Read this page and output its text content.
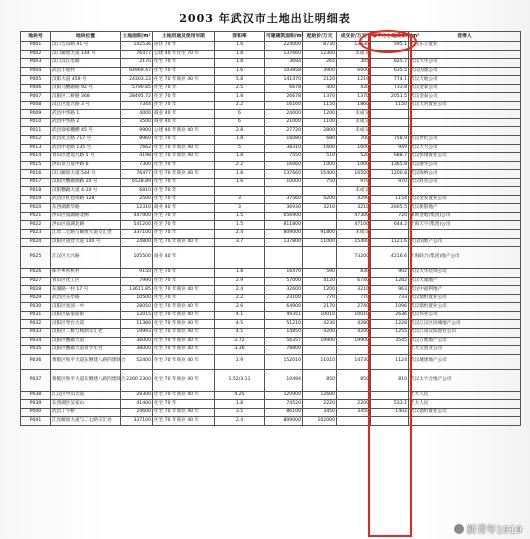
2003 年武汉市土地出让明细表
地块号	地块位置	土地面积/m²	土地用途及使用年限	容积率	可建建筑面积/m²	起始价/万元	成交价/万元	每平方土地成本元/m²	竞得人
P001	汉口吉田路 41 号	142536	居住 70 年	1.6	224000	8730	13330	595.1	武汉东立置业
P002	汉口解放大道 144 号	76477	公建 40 年住宅 70 年	1.8	137660	12360	未成交		
P003	汉口汉江水路	2170	住宅 70 年	1.8	3694	265	305	825.7	武汉天华公司
P004	武昌丰收村	64969.47	住宅 70 年	1.6	103858	3900	6600	635.5	武汉国鼎公司
P005	汉阳大道 459 号	24303.22	住宅 70 年商业 40 年	5.8	141470	2120	1219	774.1	武汉天地公司
P006	汉阳马鹦鹉路 92 号	5790.85	住宅 70 年	2.5	6678	400	430	733.8	武汉金泰公司
P007	汉阳区二桥路 368	28495.72	住宅 70 年	1.8	26678	1370	1370	2051.5	武汉金泰公司
P008	汉江区复兴路 3 号	7344	住宅 70 年	2.2	16160	1150	1860	1150	武汉天河置业公司
P009	武昌中华路 1	4000	商业 40 年	6	24000	1200	未成交		
P010	武昌中华路 2	3500	商业 40 年	6	21000	1100	未成交		
P011	武昌徐家棚横 45 号	9900	公建 40 年商业 40 年	2.8	27720	2800	未成交		
P012	武昌民主路 717 号	8960	住宅 70 年	1.8	16080	680	700	758.9	武汉世纪公司
P013	武昌中北路 135 号	7662	住宅 70 年商业 40 年	5	38310	1600	1600	949	武汉大力公司
P014	青山区建设九路 5 号	4198	住宅 70 年商业 40 年	1.8	7550	510	520	688.7	武汉恒翔置业公司
P015	洪山卓刀泉中路 6	7300	住宅 70 年	2.2	16060	1000	1000	1365.8	武汉港华公司
P016	汉口解放大道 544 号	76477	住宅 70 年商业 40 年	1.8	137660	15400	16500	1200.8	武汉海纳公司
P017	汉阳区鹦鹉洲路 20 号	6528.89	住宅 70 年	1.6	10000	750	970	970	武汉科育公司
P018	汉阳鹦鹉大道 4-10 号	6810	住宅 70 年				未成交		
P019	武昌区红巷场路 128	2500	住宅 70 年	3	37560	4200	4290	1154	武汉金发置业公司
P020	东西湖新华路	12310	商业 40 年	3	36930	3210	3210	2605.5	武汉新银地产
P021	洪山区南湖路北侧	447900	住宅 70 年	1.5	656900		47300	720	深圳金地(集团)公司
P022	洪山区南湖北路	541200	住宅 70 年	1.5	811800		47100	644.2	上海天宇(集团)公司
P023	江岸二七路与解放大道交汇处	337100	住宅 70 年	2.4	809000	91800	未成交		
P024	汉阳区国营大道 140 号	24800	住宅 70 年商业 40 年	3.7	137800	11000	15400	1121.6	武汉国地产公司
P025	江汉区大兴路	105500	商业 40 年				73200	4216.6	上海联合(集团)地产公司
P026	侏平乡铁机村	9150	住宅 70 年	1.8	16470	590	830	902	武汉天华装饰公司
P027	青山区化工区	7990	住宅 70 年	2.9	57000	4120	6740	1282	武汉天诚地产
P028	东湖路一村 17 号	13611.85	住宅 70 年商业 40 年	2.4	32600	1200	3210	963	武汉中福利地产
P029	武昌区东亭路	10500	住宅 70 年	2.2	23100	770	770	733	武汉鼎恒置业公司
P030	汉阳区复园一中	28050	住宅 70 年商业 40 年	2.6	64900	2170	2740	1096	武汉鼎恒置业公司
P031	汉阳区陆家庙街	12015	住宅 70 年商业 40 年	4.1	49351	10010	10010	2636	武汉伟业公司
P032	汉阳区琴台大道	11380	住宅 70 年商业 40 年	4.5	51210	4230	4280	1228	武汉江汉区同城地产公司
P033	汉阳区二桥与杨泗交汇处	19993	住宅 70 年商业 40 年	4.5	14850	4200	4200	1255	武汉江南汉阳置业公司
P034	汉阳区鹦鹉大道	36000	住宅 70 年商业 40 年	2.72	56357	19900	19900	3545	武汉万地地产公司
P035	汉阳区鹦鹉大道青少年宫	38000	住宅 70 年商业 40 年	3.36	78800				光大宝置业公司
P036	黄陂区和平大道东侧建八路四建联合	52400	住宅 70 年商业 40 年	2.9	152010	11010	14730	1124	武汉城建地产公司
P037	黄陂区和平大道东侧建八路四建联合	2200 2300	住宅 70 年商业 40 年	1.52/3.11	10494	850	850	810	武汉太宇合地产公司
P038	江汉区中山大道	28300	住宅 70 年商业 40 年	4.25	120900	12600			光大人民
P039	东西湖区吴家山	41400	住宅 70 年	1.8	74520	2220	2200	533.1	光大人民
P040	武昌丁字桥	24600	住宅 70 年商业 40 年	3.5	86100	3450	3450	1402	武汉鼎恒置业公司
P041	江岸解放大道与二七路交汇处	337100	住宅 70 年商业 40 年	2.4	809000	102000			
新青年1919
